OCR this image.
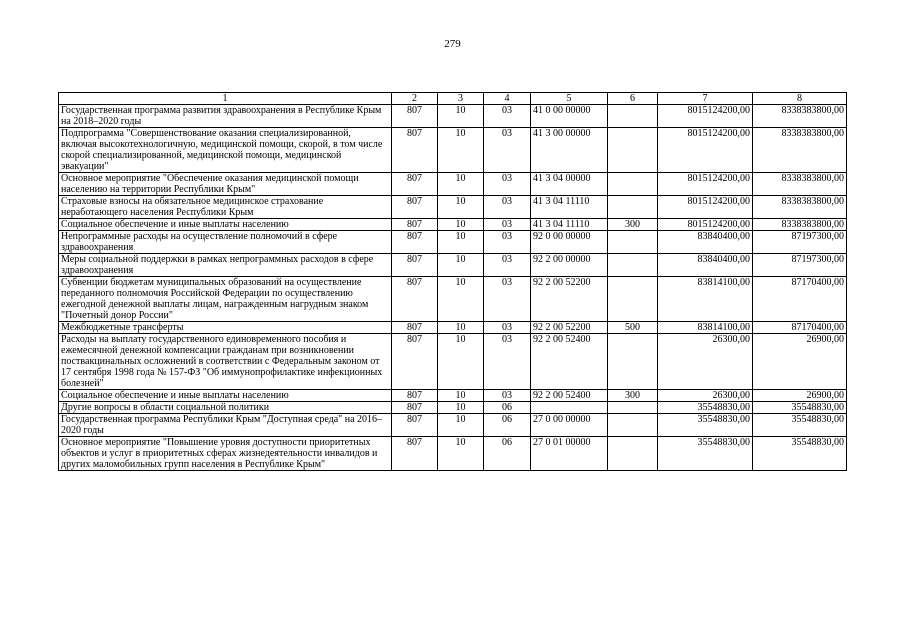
279
1	2	3	4	5	6	7	8
Государственная программа развития здравоохранения в Республике Крым на 2018–2020 годы	807	10	03	41 0 00 00000		8015124200,00	8338383800,00
Подпрограмма "Совершенствование оказания специализированной, включая высокотехнологичную, медицинской помощи, скорой, в том числе скорой специализированной, медицинской помощи, медицинской эвакуации"	807	10	03	41 3 00 00000		8015124200,00	8338383800,00
Основное мероприятие "Обеспечение оказания медицинской помощи населению на территории Республики Крым"	807	10	03	41 3 04 00000		8015124200,00	8338383800,00
Страховые взносы на обязательное медицинское страхование неработающего населения Республики Крым	807	10	03	41 3 04 11110		8015124200,00	8338383800,00
Социальное обеспечение и иные выплаты населению	807	10	03	41 3 04 11110	300	8015124200,00	8338383800,00
Непрограммные расходы на осуществление полномочий в сфере здравоохранения	807	10	03	92 0 00 00000		83840400,00	87197300,00
Меры социальной поддержки в рамках непрограммных расходов в сфере здравоохранения	807	10	03	92 2 00 00000		83840400,00	87197300,00
Субвенции бюджетам муниципальных образований на осуществление переданного полномочия Российской Федерации по осуществлению ежегодной денежной выплаты лицам, награжденным нагрудным знаком "Почетный донор России"	807	10	03	92 2 00 52200		83814100,00	87170400,00
Межбюджетные трансферты	807	10	03	92 2 00 52200	500	83814100,00	87170400,00
Расходы на выплату государственного единовременного пособия и ежемесячной денежной компенсации гражданам при возникновении поствакцинальных осложнений в соответствии с Федеральным законом от 17 сентября 1998 года № 157-ФЗ "Об иммунопрофилактике инфекционных болезней"	807	10	03	92 2 00 52400		26300,00	26900,00
Социальное обеспечение и иные выплаты населению	807	10	03	92 2 00 52400	300	26300,00	26900,00
Другие вопросы в области социальной политики	807	10	06			35548830,00	35548830,00
Государственная программа Республики Крым "Доступная среда" на 2016–2020 годы	807	10	06	27 0 00 00000		35548830,00	35548830,00
Основное мероприятие "Повышение уровня доступности приоритетных объектов и услуг в приоритетных сферах жизнедеятельности инвалидов и других маломобильных групп населения в Республике Крым"	807	10	06	27 0 01 00000		35548830,00	35548830,00
